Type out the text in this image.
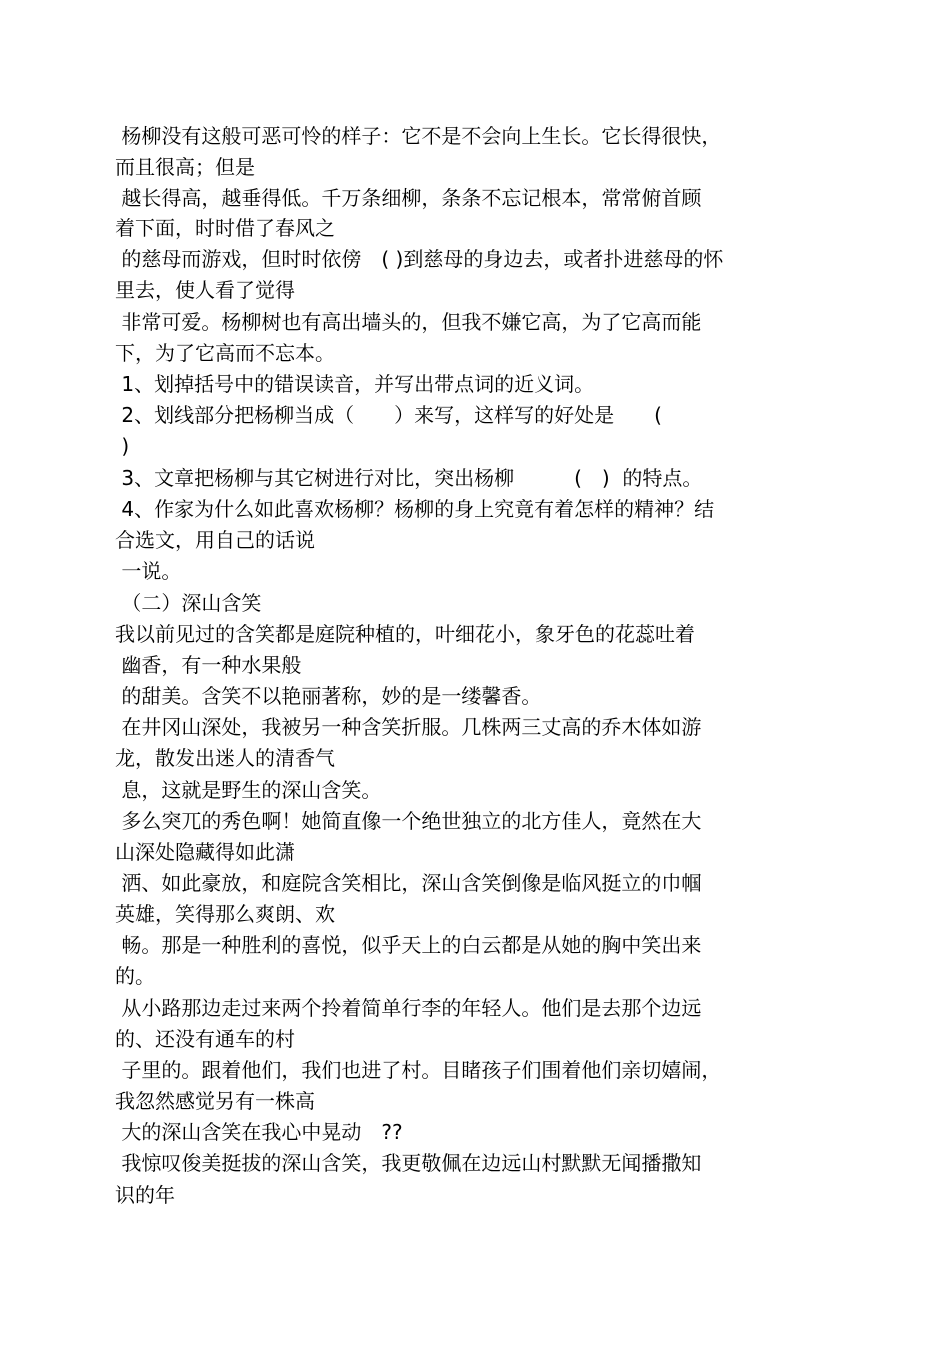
杨柳没有这般可恶可怜的样子：它不是不会向上生长。它长得很快，

而且很高；但是

越长得高，越垂得低。千万条细柳，条条不忘记根本，常常俯首顾

着下面，时时借了春风之

的慈母而游戏，但时时依傍　( )到慈母的身边去，或者扑进慈母的怀

里去，使人看了觉得

非常可爱。杨柳树也有高出墙头的，但我不嫌它高，为了它高而能

下，为了它高而不忘本。

1、划掉括号中的错误读音，并写出带点词的近义词。

2、划线部分把杨柳当成（　　）来写，这样写的好处是　　(

)

3、文章把杨柳与其它树进行对比，突出杨柳　　　(　)  的特点。

4、作家为什么如此喜欢杨柳？杨柳的身上究竟有着怎样的精神？结

合选文，用自己的话说

一说。

（二）深山含笑

我以前见过的含笑都是庭院种植的，叶细花小，象牙色的花蕊吐着

幽香，有一种水果般

的甜美。含笑不以艳丽著称，妙的是一缕馨香。

在井冈山深处，我被另一种含笑折服。几株两三丈高的乔木体如游

龙，散发出迷人的清香气

息，这就是野生的深山含笑。

多么突兀的秀色啊！她简直像一个绝世独立的北方佳人，竟然在大

山深处隐藏得如此潇

洒、如此豪放，和庭院含笑相比，深山含笑倒像是临风挺立的巾帼

英雄，笑得那么爽朗、欢

畅。那是一种胜利的喜悦，似乎天上的白云都是从她的胸中笑出来

的。

从小路那边走过来两个拎着简单行李的年轻人。他们是去那个边远

的、还没有通车的村

子里的。跟着他们，我们也进了村。目睹孩子们围着他们亲切嬉闹，

我忽然感觉另有一株高

大的深山含笑在我心中晃动　??

我惊叹俊美挺拔的深山含笑，我更敬佩在边远山村默默无闻播撒知

识的年
